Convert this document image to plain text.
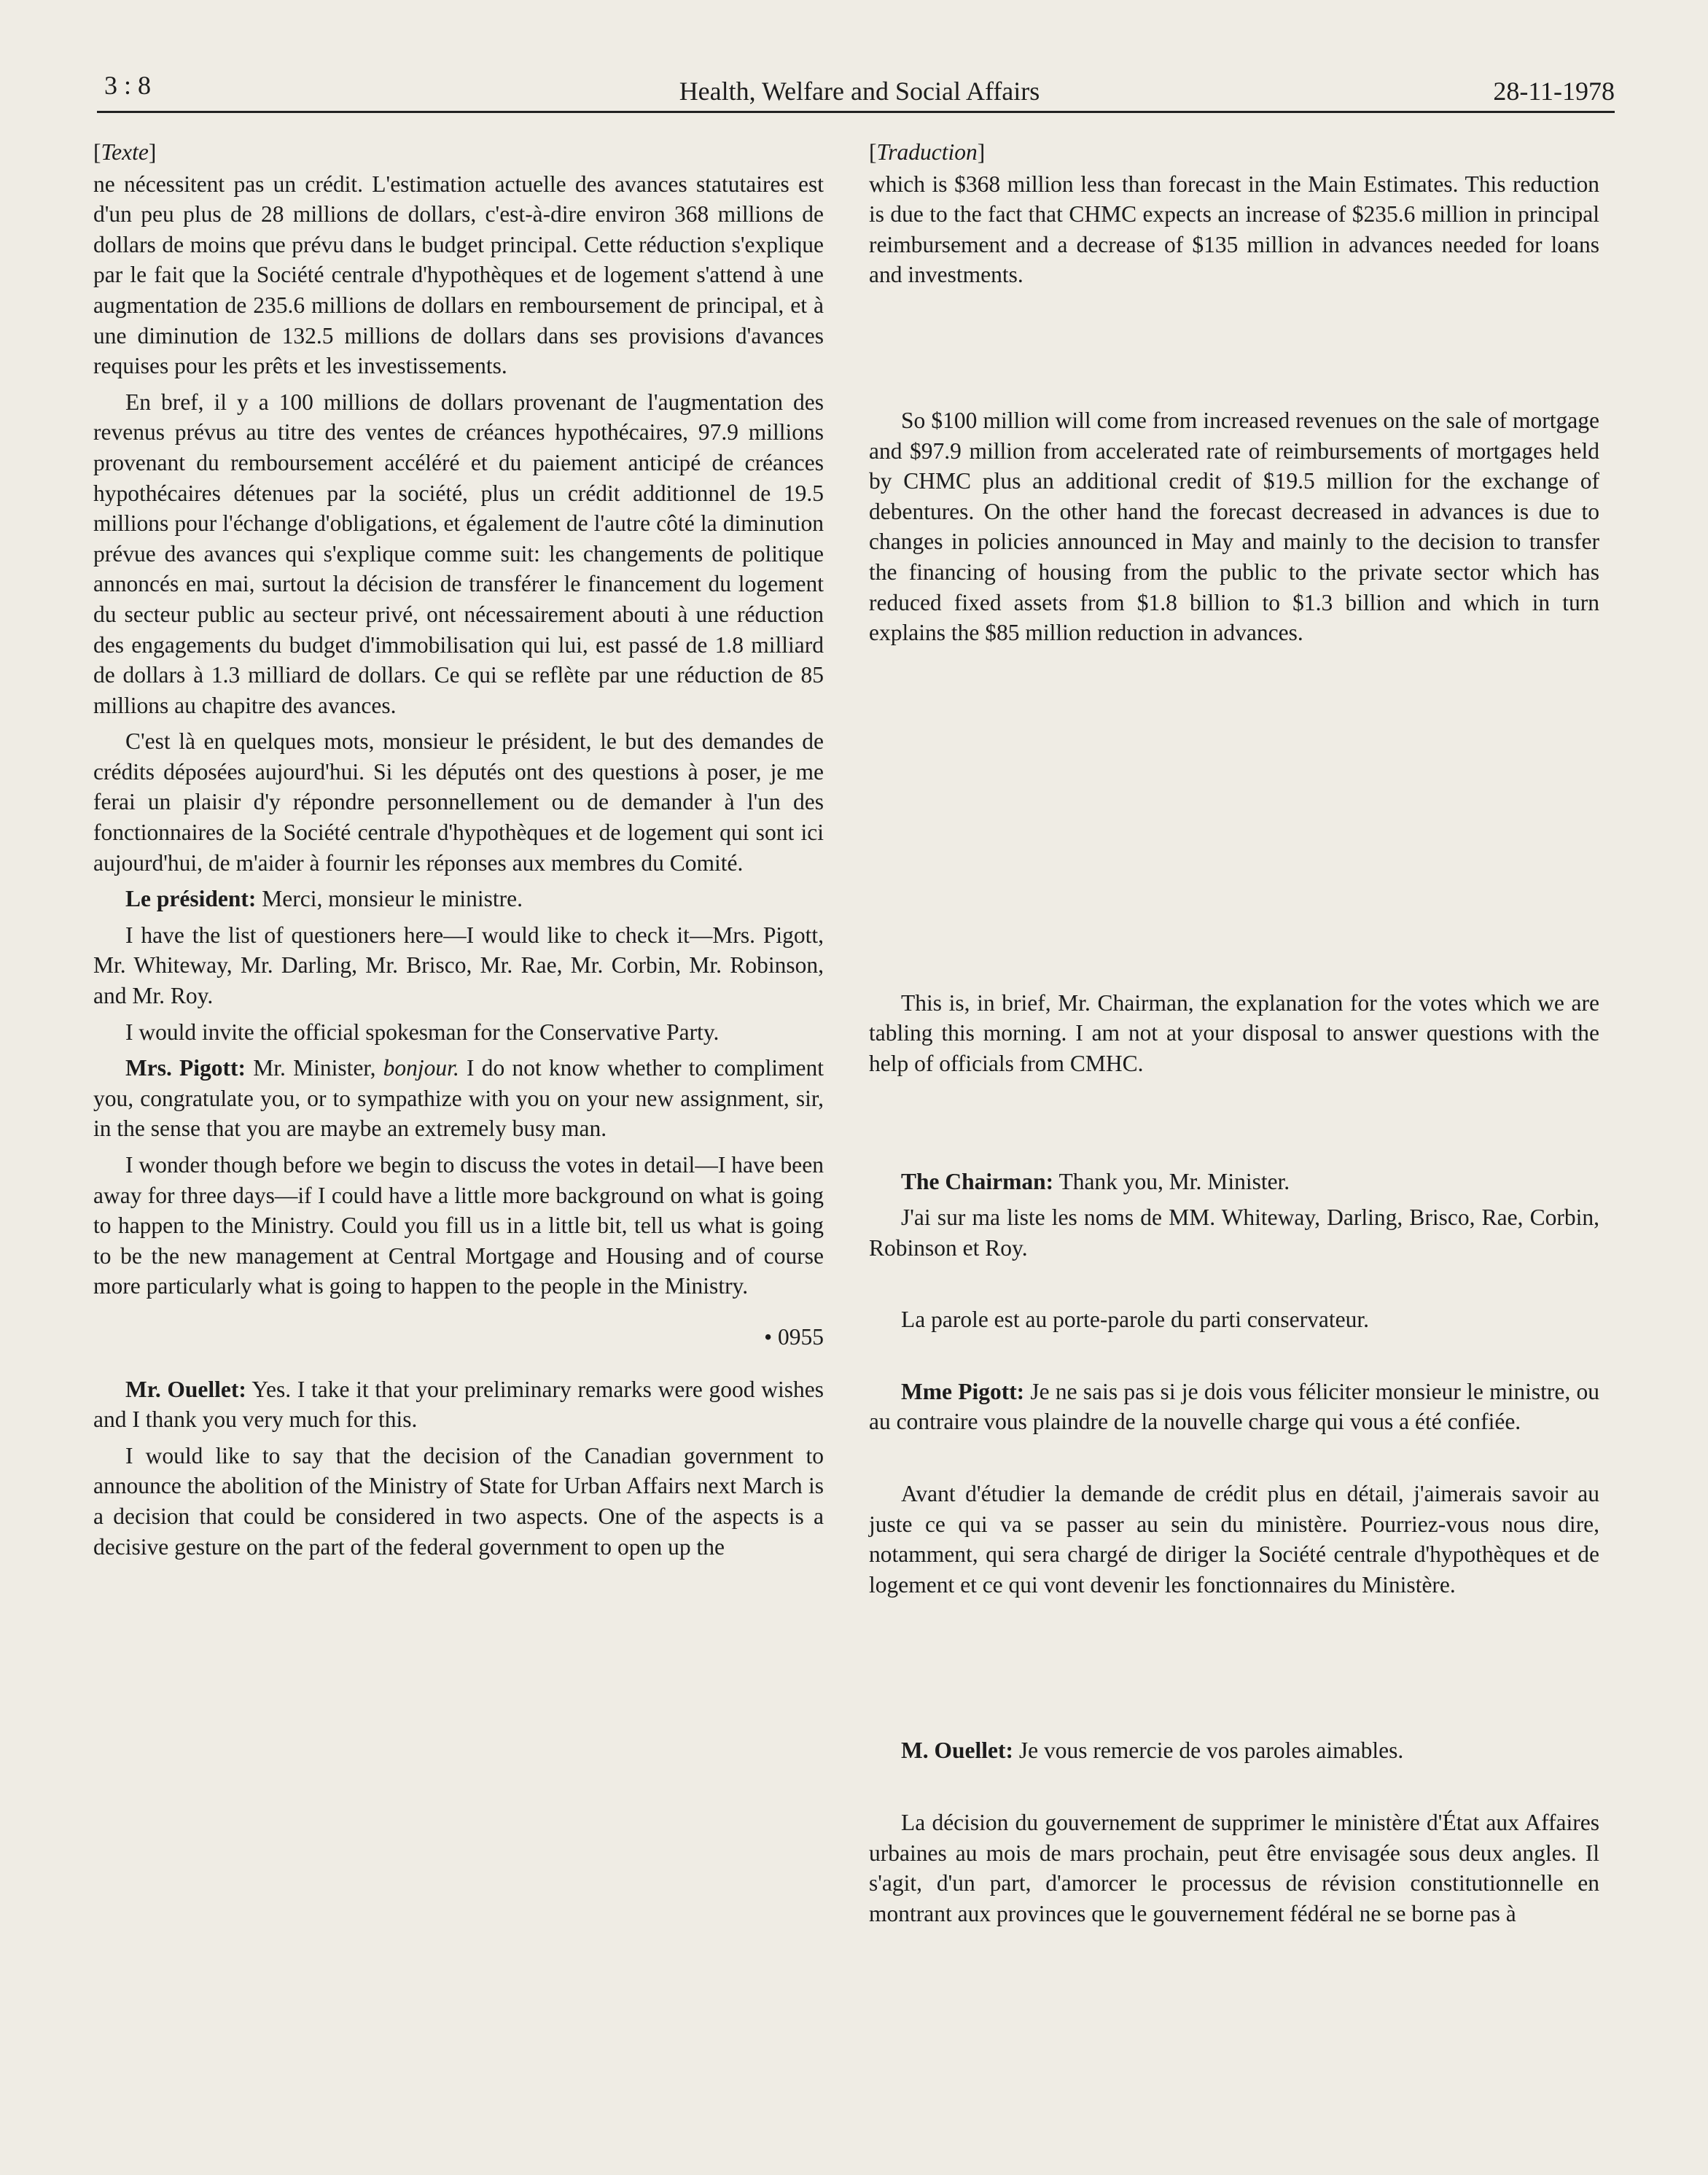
3 : 8	Health, Welfare and Social Affairs	28-11-1978

[Texte]

ne nécessitent pas un crédit. L'estimation actuelle des avances statutaires est d'un peu plus de 28 millions de dollars, c'est-à-dire environ 368 millions de dollars de moins que prévu dans le budget principal. Cette réduction s'explique par le fait que la Société centrale d'hypothèques et de logement s'attend à une augmentation de 235.6 millions de dollars en remboursement de principal, et à une diminution de 132.5 millions de dollars dans ses provisions d'avances requises pour les prêts et les investissements.

En bref, il y a 100 millions de dollars provenant de l'augmentation des revenus prévus au titre des ventes de créances hypothécaires, 97.9 millions provenant du remboursement accéléré et du paiement anticipé de créances hypothécaires détenues par la société, plus un crédit additionnel de 19.5 millions pour l'échange d'obligations, et également de l'autre côté la diminution prévue des avances qui s'explique comme suit: les changements de politique annoncés en mai, surtout la décision de transférer le financement du logement du secteur public au secteur privé, ont nécessairement abouti à une réduction des engagements du budget d'immobilisation qui lui, est passé de 1.8 milliard de dollars à 1.3 milliard de dollars. Ce qui se reflète par une réduction de 85 millions au chapitre des avances.

C'est là en quelques mots, monsieur le président, le but des demandes de crédits déposées aujourd'hui. Si les députés ont des questions à poser, je me ferai un plaisir d'y répondre personnellement ou de demander à l'un des fonctionnaires de la Société centrale d'hypothèques et de logement qui sont ici aujourd'hui, de m'aider à fournir les réponses aux membres du Comité.

Le président: Merci, monsieur le ministre.

I have the list of questioners here—I would like to check it—Mrs. Pigott, Mr. Whiteway, Mr. Darling, Mr. Brisco, Mr. Rae, Mr. Corbin, Mr. Robinson, and Mr. Roy.

I would invite the official spokesman for the Conservative Party.

Mrs. Pigott: Mr. Minister, bonjour. I do not know whether to compliment you, congratulate you, or to sympathize with you on your new assignment, sir, in the sense that you are maybe an extremely busy man.

I wonder though before we begin to discuss the votes in detail—I have been away for three days—if I could have a little more background on what is going to happen to the Ministry. Could you fill us in a little bit, tell us what is going to be the new management at Central Mortgage and Housing and of course more particularly what is going to happen to the people in the Ministry.

• 0955

Mr. Ouellet: Yes. I take it that your preliminary remarks were good wishes and I thank you very much for this.

I would like to say that the decision of the Canadian government to announce the abolition of the Ministry of State for Urban Affairs next March is a decision that could be considered in two aspects. One of the aspects is a decisive gesture on the part of the federal government to open up the

[Traduction]

which is $368 million less than forecast in the Main Estimates. This reduction is due to the fact that CHMC expects an increase of $235.6 million in principal reimbursement and a decrease of $135 million in advances needed for loans and investments.

So $100 million will come from increased revenues on the sale of mortgage and $97.9 million from accelerated rate of reimbursements of mortgages held by CHMC plus an additional credit of $19.5 million for the exchange of debentures. On the other hand the forecast decreased in advances is due to changes in policies announced in May and mainly to the decision to transfer the financing of housing from the public to the private sector which has reduced fixed assets from $1.8 billion to $1.3 billion and which in turn explains the $85 million reduction in advances.

This is, in brief, Mr. Chairman, the explanation for the votes which we are tabling this morning. I am not at your disposal to answer questions with the help of officials from CMHC.

The Chairman: Thank you, Mr. Minister.

J'ai sur ma liste les noms de MM. Whiteway, Darling, Brisco, Rae, Corbin, Robinson et Roy.

La parole est au porte-parole du parti conservateur.

Mme Pigott: Je ne sais pas si je dois vous féliciter monsieur le ministre, ou au contraire vous plaindre de la nouvelle charge qui vous a été confiée.

Avant d'étudier la demande de crédit plus en détail, j'aimerais savoir au juste ce qui va se passer au sein du ministère. Pourriez-vous nous dire, notamment, qui sera chargé de diriger la Société centrale d'hypothèques et de logement et ce qui vont devenir les fonctionnaires du Ministère.

M. Ouellet: Je vous remercie de vos paroles aimables.

La décision du gouvernement de supprimer le ministère d'État aux Affaires urbaines au mois de mars prochain, peut être envisagée sous deux angles. Il s'agit, d'un part, d'amorcer le processus de révision constitutionnelle en montrant aux provinces que le gouvernement fédéral ne se borne pas à
